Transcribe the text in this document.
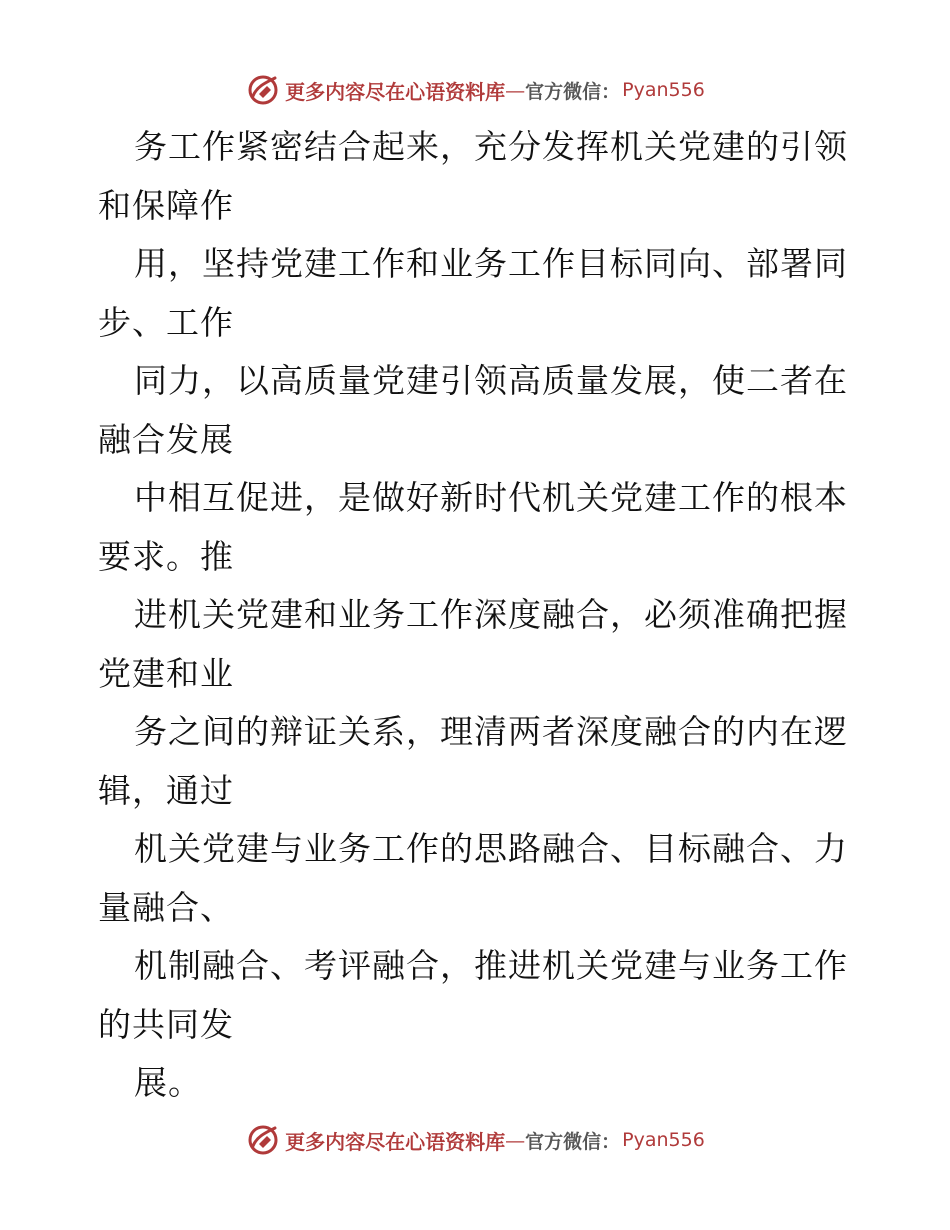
更多内容尽在心语资料库 — 官方微信： Pyan556
务工作紧密结合起来，充分发挥机关党建的引领
和保障作
用，坚持党建工作和业务工作目标同向、部署同
步、工作
同力，以高质量党建引领高质量发展，使二者在
融合发展
中相互促进，是做好新时代机关党建工作的根本
要求。推
进机关党建和业务工作深度融合，必须准确把握
党建和业
务之间的辩证关系，理清两者深度融合的内在逻
辑，通过
机关党建与业务工作的思路融合、目标融合、力
量融合、
机制融合、考评融合，推进机关党建与业务工作
的共同发
展。
更多内容尽在心语资料库 — 官方微信： Pyan556
